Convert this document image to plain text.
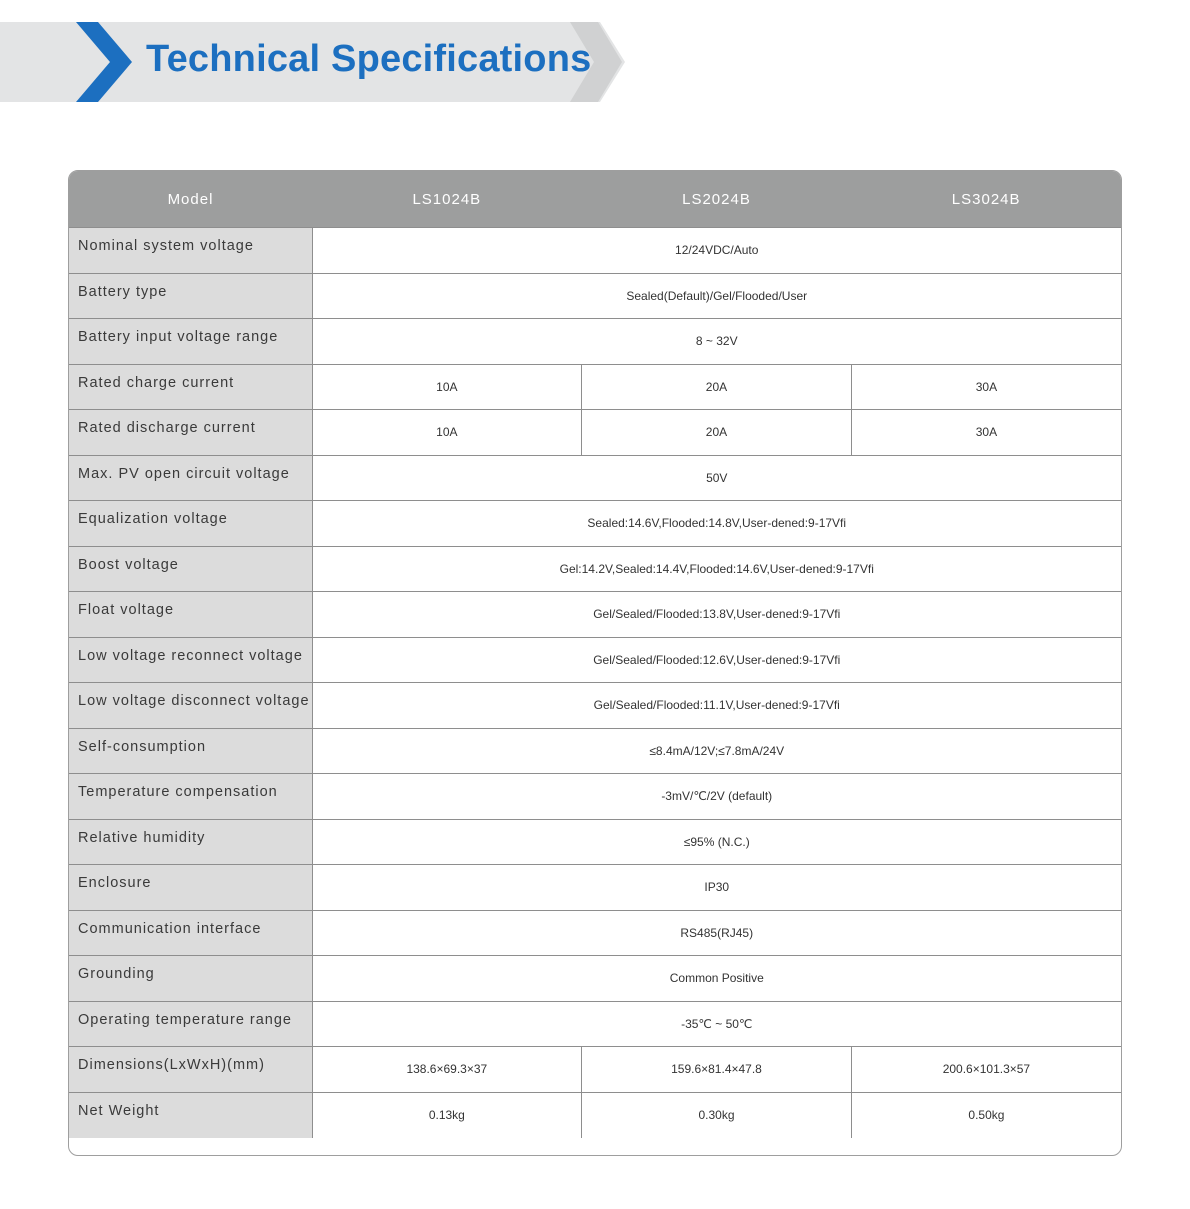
Technical Specifications
Model	LS1024B	LS2024B	LS3024B
Nominal system voltage	12/24VDC/Auto		
Battery type	Sealed(Default)/Gel/Flooded/User		
Battery input voltage range	8 ~ 32V		
Rated charge current	10A	20A	30A
Rated discharge current	10A	20A	30A
Max. PV open circuit voltage	50V		
Equalization voltage	Sealed:14.6V,Flooded:14.8V,User-dened:9-17Vfi		
Boost voltage	Gel:14.2V,Sealed:14.4V,Flooded:14.6V,User-dened:9-17Vfi		
Float voltage	Gel/Sealed/Flooded:13.8V,User-dened:9-17Vfi		
Low voltage reconnect voltage	Gel/Sealed/Flooded:12.6V,User-dened:9-17Vfi		
Low voltage disconnect voltage	Gel/Sealed/Flooded:11.1V,User-dened:9-17Vfi		
Self-consumption	≤8.4mA/12V;≤7.8mA/24V		
Temperature compensation	-3mV/℃/2V (default)		
Relative humidity	≤95% (N.C.)		
Enclosure	IP30		
Communication interface	RS485(RJ45)		
Grounding	Common Positive		
Operating temperature range	-35℃ ~ 50℃		
Dimensions(LxWxH)(mm)	138.6×69.3×37	159.6×81.4×47.8	200.6×101.3×57
Net Weight	0.13kg	0.30kg	0.50kg
